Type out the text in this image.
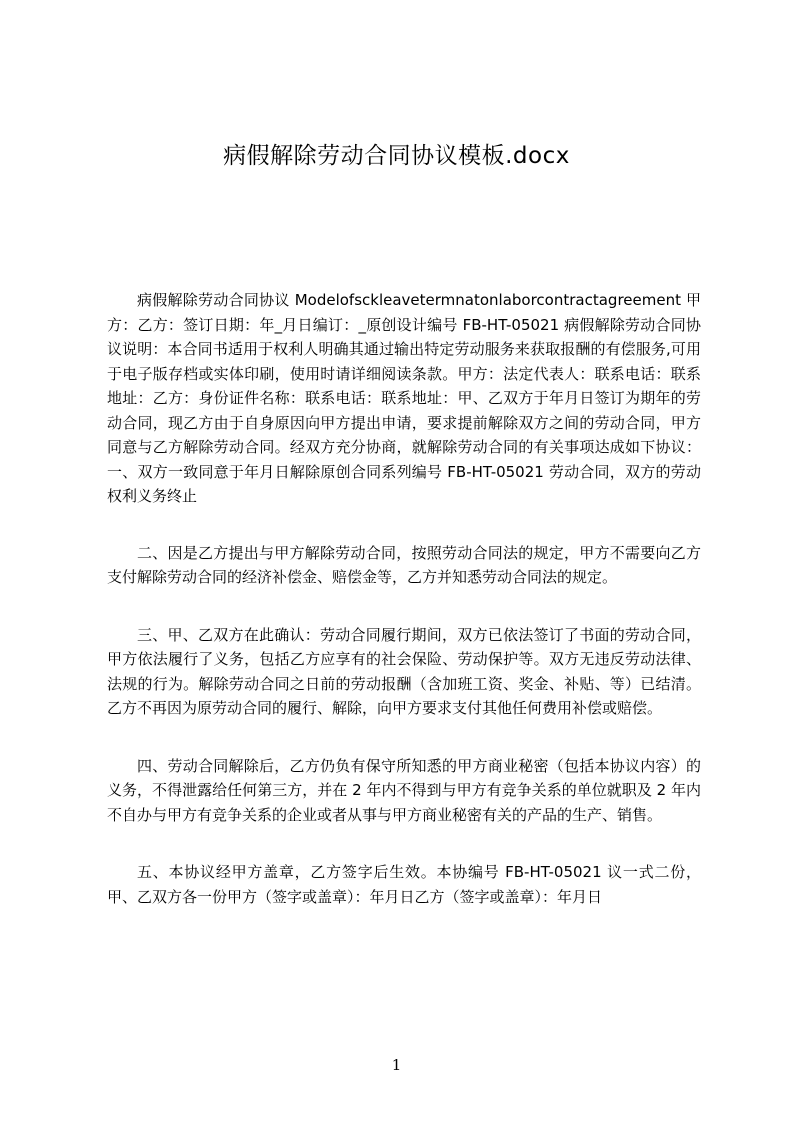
病假解除劳动合同协议模板.docx

病假解除劳动合同协议 Modelofsckleavetermnatonlaborcontractagreement 甲方：乙方：签订日期：年_月日编订：_原创设计编号 FB-HT-05021 病假解除劳动合同协议说明：本合同书适用于权利人明确其通过输出特定劳动服务来获取报酬的有偿服务,可用于电子版存档或实体印刷，使用时请详细阅读条款。甲方：法定代表人：联系电话：联系地址：乙方：身份证件名称：联系电话：联系地址：甲、乙双方于年月日签订为期年的劳动合同，现乙方由于自身原因向甲方提出申请，要求提前解除双方之间的劳动合同，甲方同意与乙方解除劳动合同。经双方充分协商，就解除劳动合同的有关事项达成如下协议：一、双方一致同意于年月日解除原创合同系列编号 FB-HT-05021 劳动合同，双方的劳动权利义务终止

二、因是乙方提出与甲方解除劳动合同，按照劳动合同法的规定，甲方不需要向乙方支付解除劳动合同的经济补偿金、赔偿金等，乙方并知悉劳动合同法的规定。

三、甲、乙双方在此确认：劳动合同履行期间，双方已依法签订了书面的劳动合同，甲方依法履行了义务，包括乙方应享有的社会保险、劳动保护等。双方无违反劳动法律、法规的行为。解除劳动合同之日前的劳动报酬（含加班工资、奖金、补贴、等）已结清。乙方不再因为原劳动合同的履行、解除，向甲方要求支付其他任何费用补偿或赔偿。

四、劳动合同解除后，乙方仍负有保守所知悉的甲方商业秘密（包括本协议内容）的义务，不得泄露给任何第三方，并在 2 年内不得到与甲方有竞争关系的单位就职及 2 年内不自办与甲方有竞争关系的企业或者从事与甲方商业秘密有关的产品的生产、销售。

五、本协议经甲方盖章，乙方签字后生效。本协编号 FB-HT-05021 议一式二份，甲、乙双方各一份甲方（签字或盖章）：年月日乙方（签字或盖章）：年月日

1
